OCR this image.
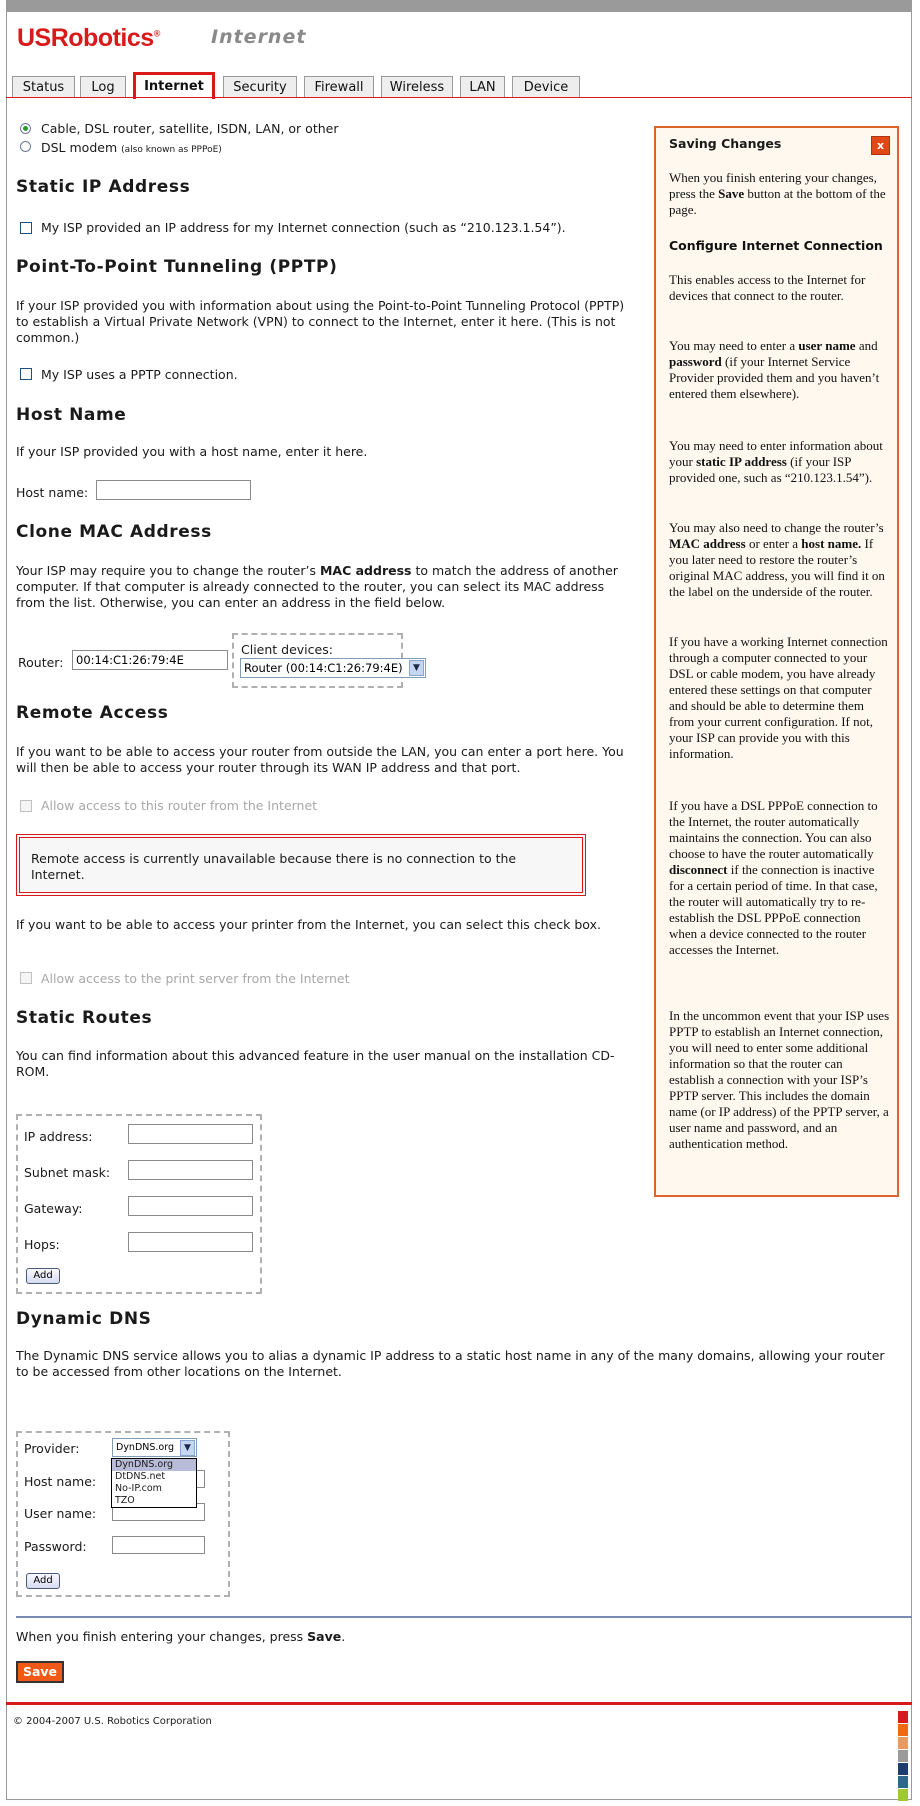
USRobotics®	Internet
Status	Log	Internet	Security	Firewall	Wireless	LAN	Device
Cable, DSL router, satellite, ISDN, LAN, or other
DSL modem (also known as PPPoE)
Static IP Address
My ISP provided an IP address for my Internet connection (such as “210.123.1.54”).
Point-To-Point Tunneling (PPTP)
If your ISP provided you with information about using the Point-to-Point Tunneling Protocol (PPTP) to establish a Virtual Private Network (VPN) to connect to the Internet, enter it here. (This is not common.)
My ISP uses a PPTP connection.
Host Name
If your ISP provided you with a host name, enter it here.
Host name:
Clone MAC Address
Your ISP may require you to change the router’s MAC address to match the address of another computer. If that computer is already connected to the router, you can select its MAC address from the list. Otherwise, you can enter an address in the field below.
Router:	00:14:C1:26:79:4E
Client devices:
Router (00:14:C1:26:79:4E)	▼
Remote Access
If you want to be able to access your router from outside the LAN, you can enter a port here. You will then be able to access your router through its WAN IP address and that port.
Allow access to this router from the Internet
Remote access is currently unavailable because there is no connection to the Internet.
If you want to be able to access your printer from the Internet, you can select this check box.
Allow access to the print server from the Internet
Static Routes
You can find information about this advanced feature in the user manual on the installation CD-ROM.
IP address:
Subnet mask:
Gateway:
Hops:
Add
Dynamic DNS
The Dynamic DNS service allows you to alias a dynamic IP address to a static host name in any of the many domains, allowing your router to be accessed from other locations on the Internet.
Provider:	DynDNS.org	▼
Host name:
User name:
Password:
Add
DynDNS.org
DtDNS.net
No-IP.com
TZO
When you finish entering your changes, press Save.
Save
© 2004-2007 U.S. Robotics Corporation
Saving Changes	x

When you finish entering your changes, press the Save button at the bottom of the page.

Configure Internet Connection

This enables access to the Internet for devices that connect to the router.

You may need to enter a user name and password (if your Internet Service Provider provided them and you haven’t entered them elsewhere).

You may need to enter information about your static IP address (if your ISP provided one, such as “210.123.1.54”).

You may also need to change the router’s MAC address or enter a host name. If you later need to restore the router’s original MAC address, you will find it on the label on the underside of the router.

If you have a working Internet connection through a computer connected to your DSL or cable modem, you have already entered these settings on that computer and should be able to determine them from your current configuration. If not, your ISP can provide you with this information.

If you have a DSL PPPoE connection to the Internet, the router automatically maintains the connection. You can also choose to have the router automatically disconnect if the connection is inactive for a certain period of time. In that case, the router will automatically try to re-establish the DSL PPPoE connection when a device connected to the router accesses the Internet.

In the uncommon event that your ISP uses PPTP to establish an Internet connection, you will need to enter some additional information so that the router can establish a connection with your ISP’s PPTP server. This includes the domain name (or IP address) of the PPTP server, a user name and password, and an authentication method.
